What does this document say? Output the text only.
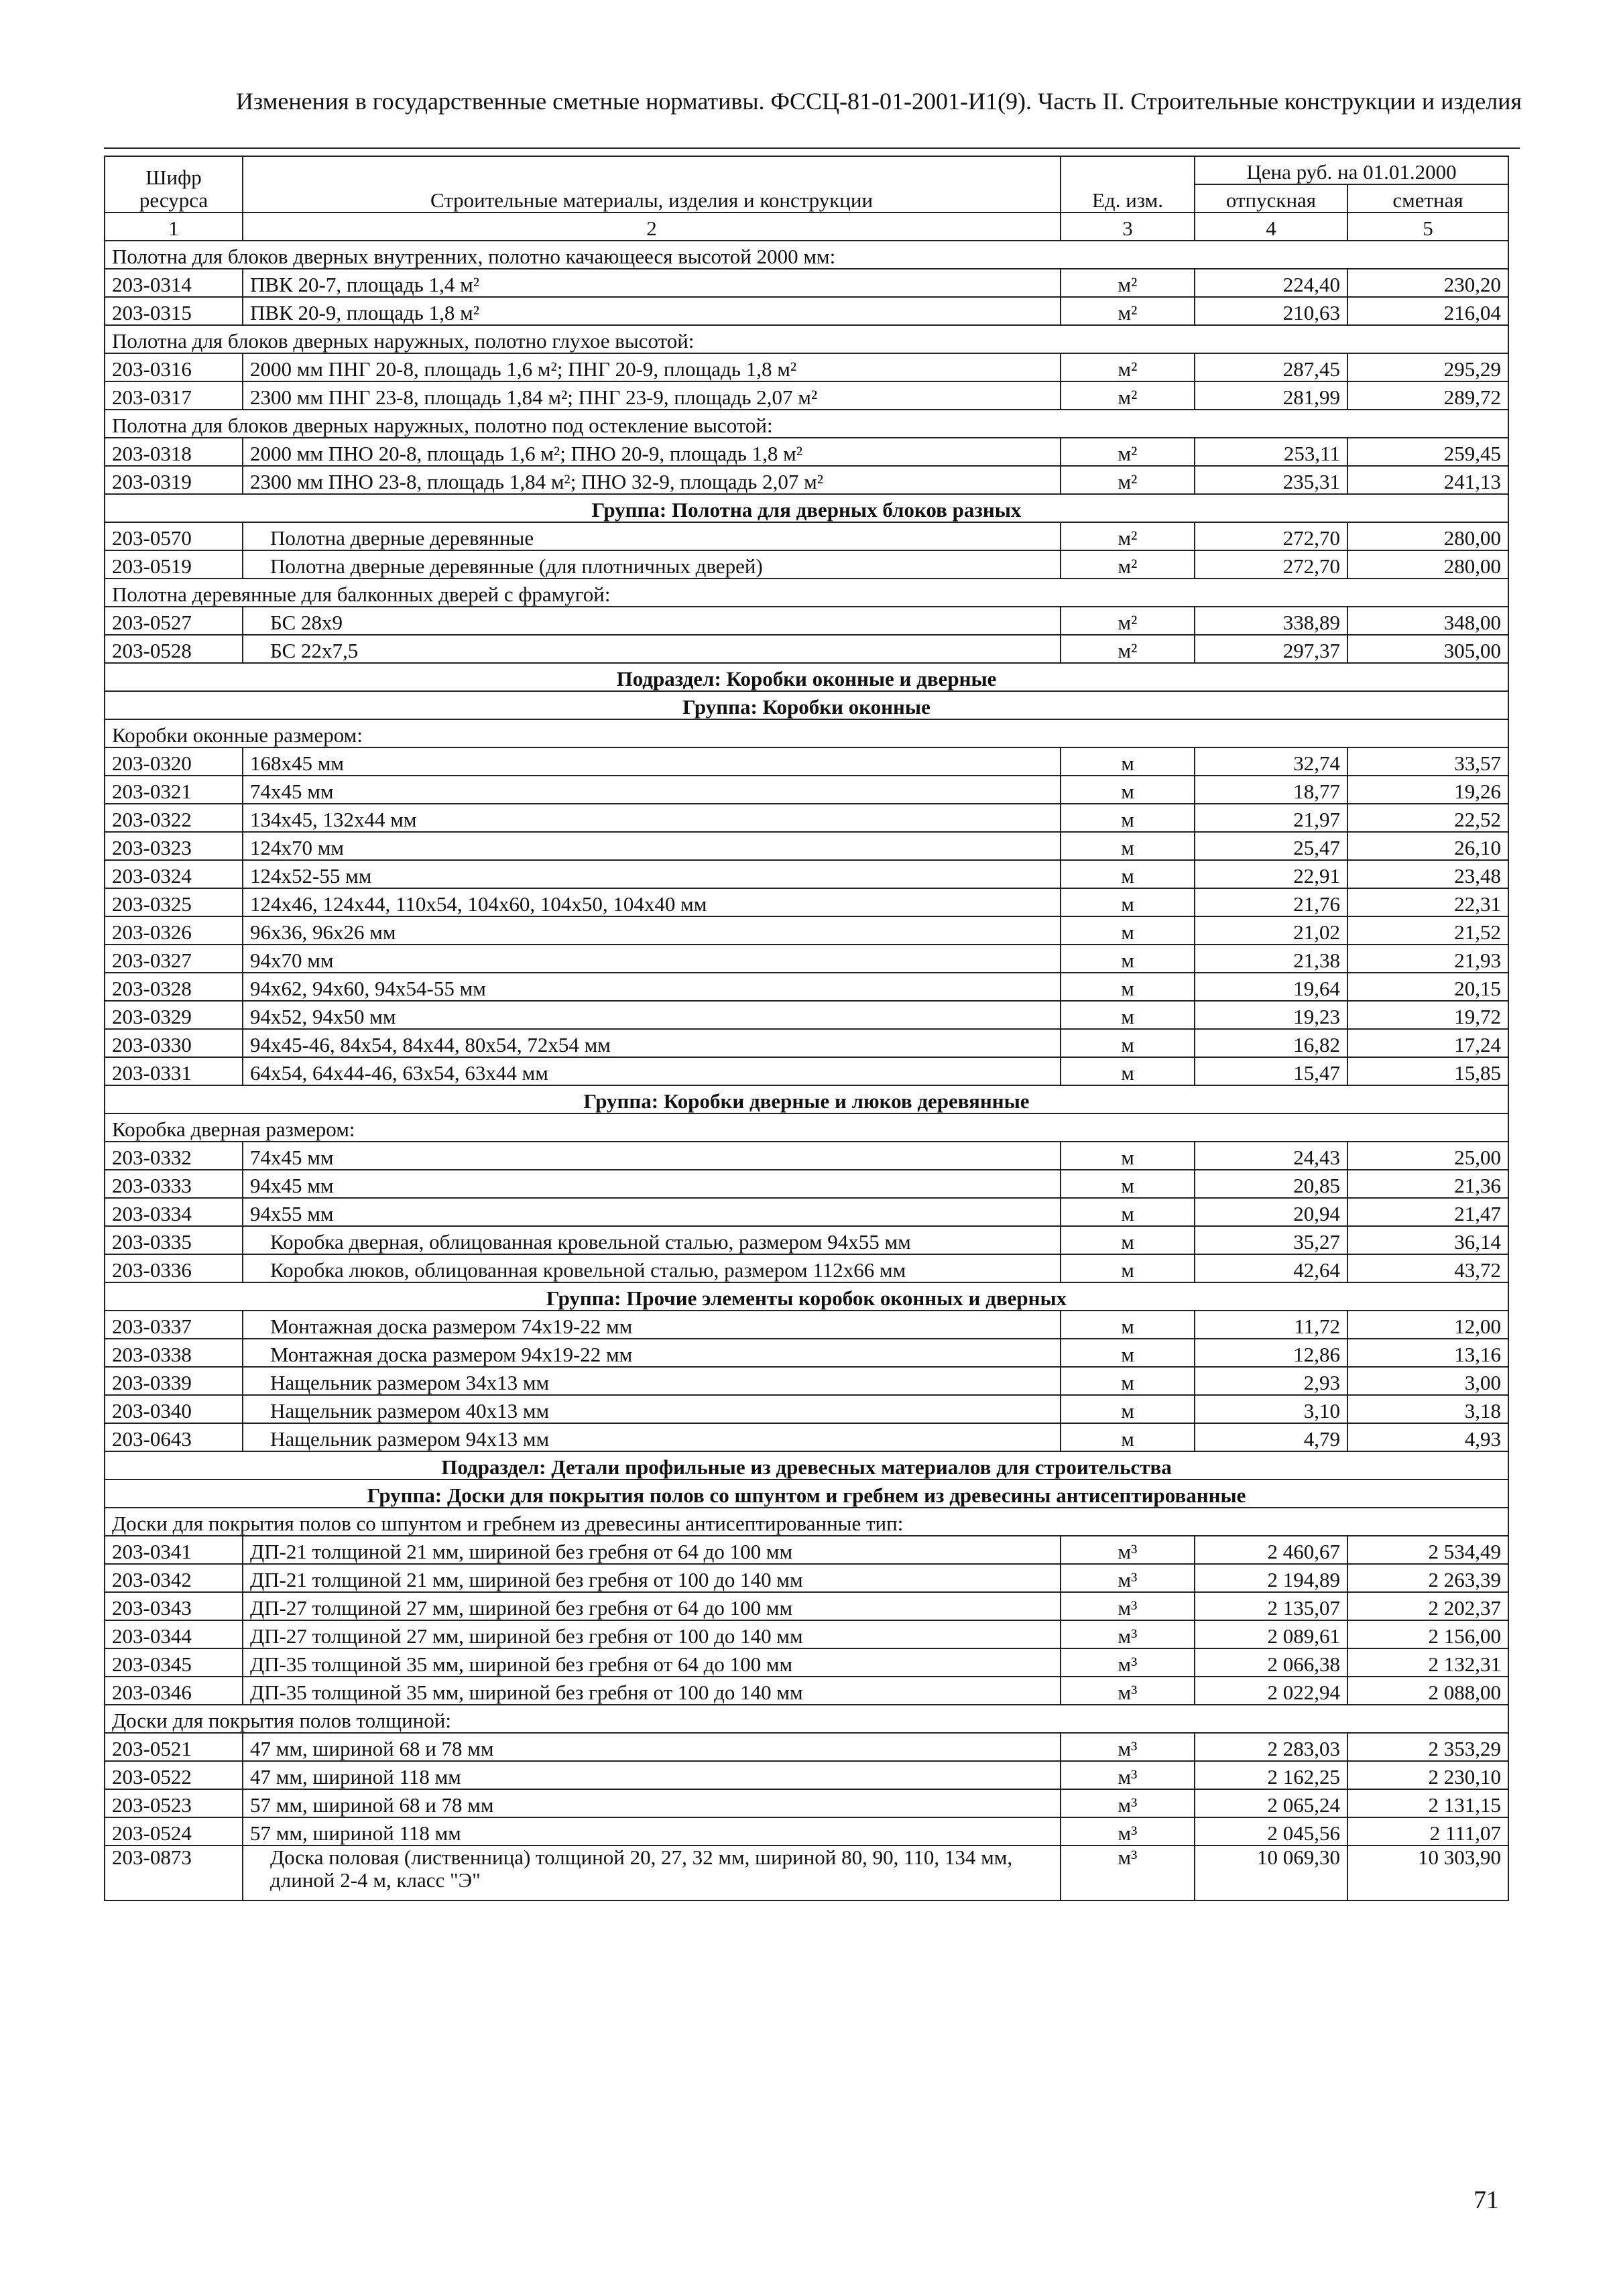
Изменения в государственные сметные нормативы. ФССЦ-81-01-2001-И1(9). Часть II. Строительные конструкции и изделия
Шифр ресурса	Строительные материалы, изделия и конструкции	Ед. изм.	Цена руб. на 01.01.2000	
			отпускная	сметная
1	2	3	4	5
Полотна для блоков дверных внутренних, полотно качающееся высотой 2000 мм:				
203-0314	ПВК 20-7, площадь 1,4 м²	м²	224,40	230,20
203-0315	ПВК 20-9, площадь 1,8 м²	м²	210,63	216,04
Полотна для блоков дверных наружных, полотно глухое высотой:				
203-0316	2000 мм ПНГ 20-8, площадь 1,6 м²; ПНГ 20-9, площадь 1,8 м²	м²	287,45	295,29
203-0317	2300 мм ПНГ 23-8, площадь 1,84 м²; ПНГ 23-9, площадь 2,07 м²	м²	281,99	289,72
Полотна для блоков дверных наружных, полотно под остекление высотой:				
203-0318	2000 мм ПНО 20-8, площадь 1,6 м²; ПНО 20-9, площадь 1,8 м²	м²	253,11	259,45
203-0319	2300 мм ПНО 23-8, площадь 1,84 м²; ПНО 32-9, площадь 2,07 м²	м²	235,31	241,13
Группа: Полотна для дверных блоков разных				
203-0570	Полотна дверные деревянные	м²	272,70	280,00
203-0519	Полотна дверные деревянные (для плотничных дверей)	м²	272,70	280,00
Полотна деревянные для балконных дверей с фрамугой:				
203-0527	БС 28х9	м²	338,89	348,00
203-0528	БС 22х7,5	м²	297,37	305,00
Подраздел: Коробки оконные и дверные				
Группа: Коробки оконные				
Коробки оконные размером:				
203-0320	168х45 мм	м	32,74	33,57
203-0321	74х45 мм	м	18,77	19,26
203-0322	134х45, 132х44 мм	м	21,97	22,52
203-0323	124х70 мм	м	25,47	26,10
203-0324	124х52-55 мм	м	22,91	23,48
203-0325	124х46, 124х44, 110х54, 104х60, 104х50, 104х40 мм	м	21,76	22,31
203-0326	96х36, 96х26 мм	м	21,02	21,52
203-0327	94х70 мм	м	21,38	21,93
203-0328	94х62, 94х60, 94х54-55 мм	м	19,64	20,15
203-0329	94х52, 94х50 мм	м	19,23	19,72
203-0330	94х45-46, 84х54, 84х44, 80х54, 72х54 мм	м	16,82	17,24
203-0331	64х54, 64х44-46, 63х54, 63х44 мм	м	15,47	15,85
Группа: Коробки дверные и люков деревянные				
Коробка дверная размером:				
203-0332	74х45 мм	м	24,43	25,00
203-0333	94х45 мм	м	20,85	21,36
203-0334	94х55 мм	м	20,94	21,47
203-0335	Коробка дверная, облицованная кровельной сталью, размером 94х55 мм	м	35,27	36,14
203-0336	Коробка люков, облицованная кровельной сталью, размером 112х66 мм	м	42,64	43,72
Группа: Прочие элементы коробок оконных и дверных				
203-0337	Монтажная доска размером 74х19-22 мм	м	11,72	12,00
203-0338	Монтажная доска размером 94х19-22 мм	м	12,86	13,16
203-0339	Нащельник размером 34х13 мм	м	2,93	3,00
203-0340	Нащельник размером 40х13 мм	м	3,10	3,18
203-0643	Нащельник размером 94х13 мм	м	4,79	4,93
Подраздел: Детали профильные из древесных материалов для строительства				
Группа: Доски для покрытия полов со шпунтом и гребнем из древесины антисептированные				
Доски для покрытия полов со шпунтом и гребнем из древесины антисептированные тип:				
203-0341	ДП-21 толщиной 21 мм, шириной без гребня от 64 до 100 мм	м³	2 460,67	2 534,49
203-0342	ДП-21 толщиной 21 мм, шириной без гребня от 100 до 140 мм	м³	2 194,89	2 263,39
203-0343	ДП-27 толщиной 27 мм, шириной без гребня от 64 до 100 мм	м³	2 135,07	2 202,37
203-0344	ДП-27 толщиной 27 мм, шириной без гребня от 100 до 140 мм	м³	2 089,61	2 156,00
203-0345	ДП-35 толщиной 35 мм, шириной без гребня от 64 до 100 мм	м³	2 066,38	2 132,31
203-0346	ДП-35 толщиной 35 мм, шириной без гребня от 100 до 140 мм	м³	2 022,94	2 088,00
Доски для покрытия полов толщиной:				
203-0521	47 мм, шириной 68 и 78 мм	м³	2 283,03	2 353,29
203-0522	47 мм, шириной 118 мм	м³	2 162,25	2 230,10
203-0523	57 мм, шириной 68 и 78 мм	м³	2 065,24	2 131,15
203-0524	57 мм, шириной 118 мм	м³	2 045,56	2 111,07
203-0873	Доска половая (лиственница) толщиной 20, 27, 32 мм, шириной 80, 90, 110, 134 мм, длиной 2-4 м, класс "Э"	м³	10 069,30	10 303,90
71
